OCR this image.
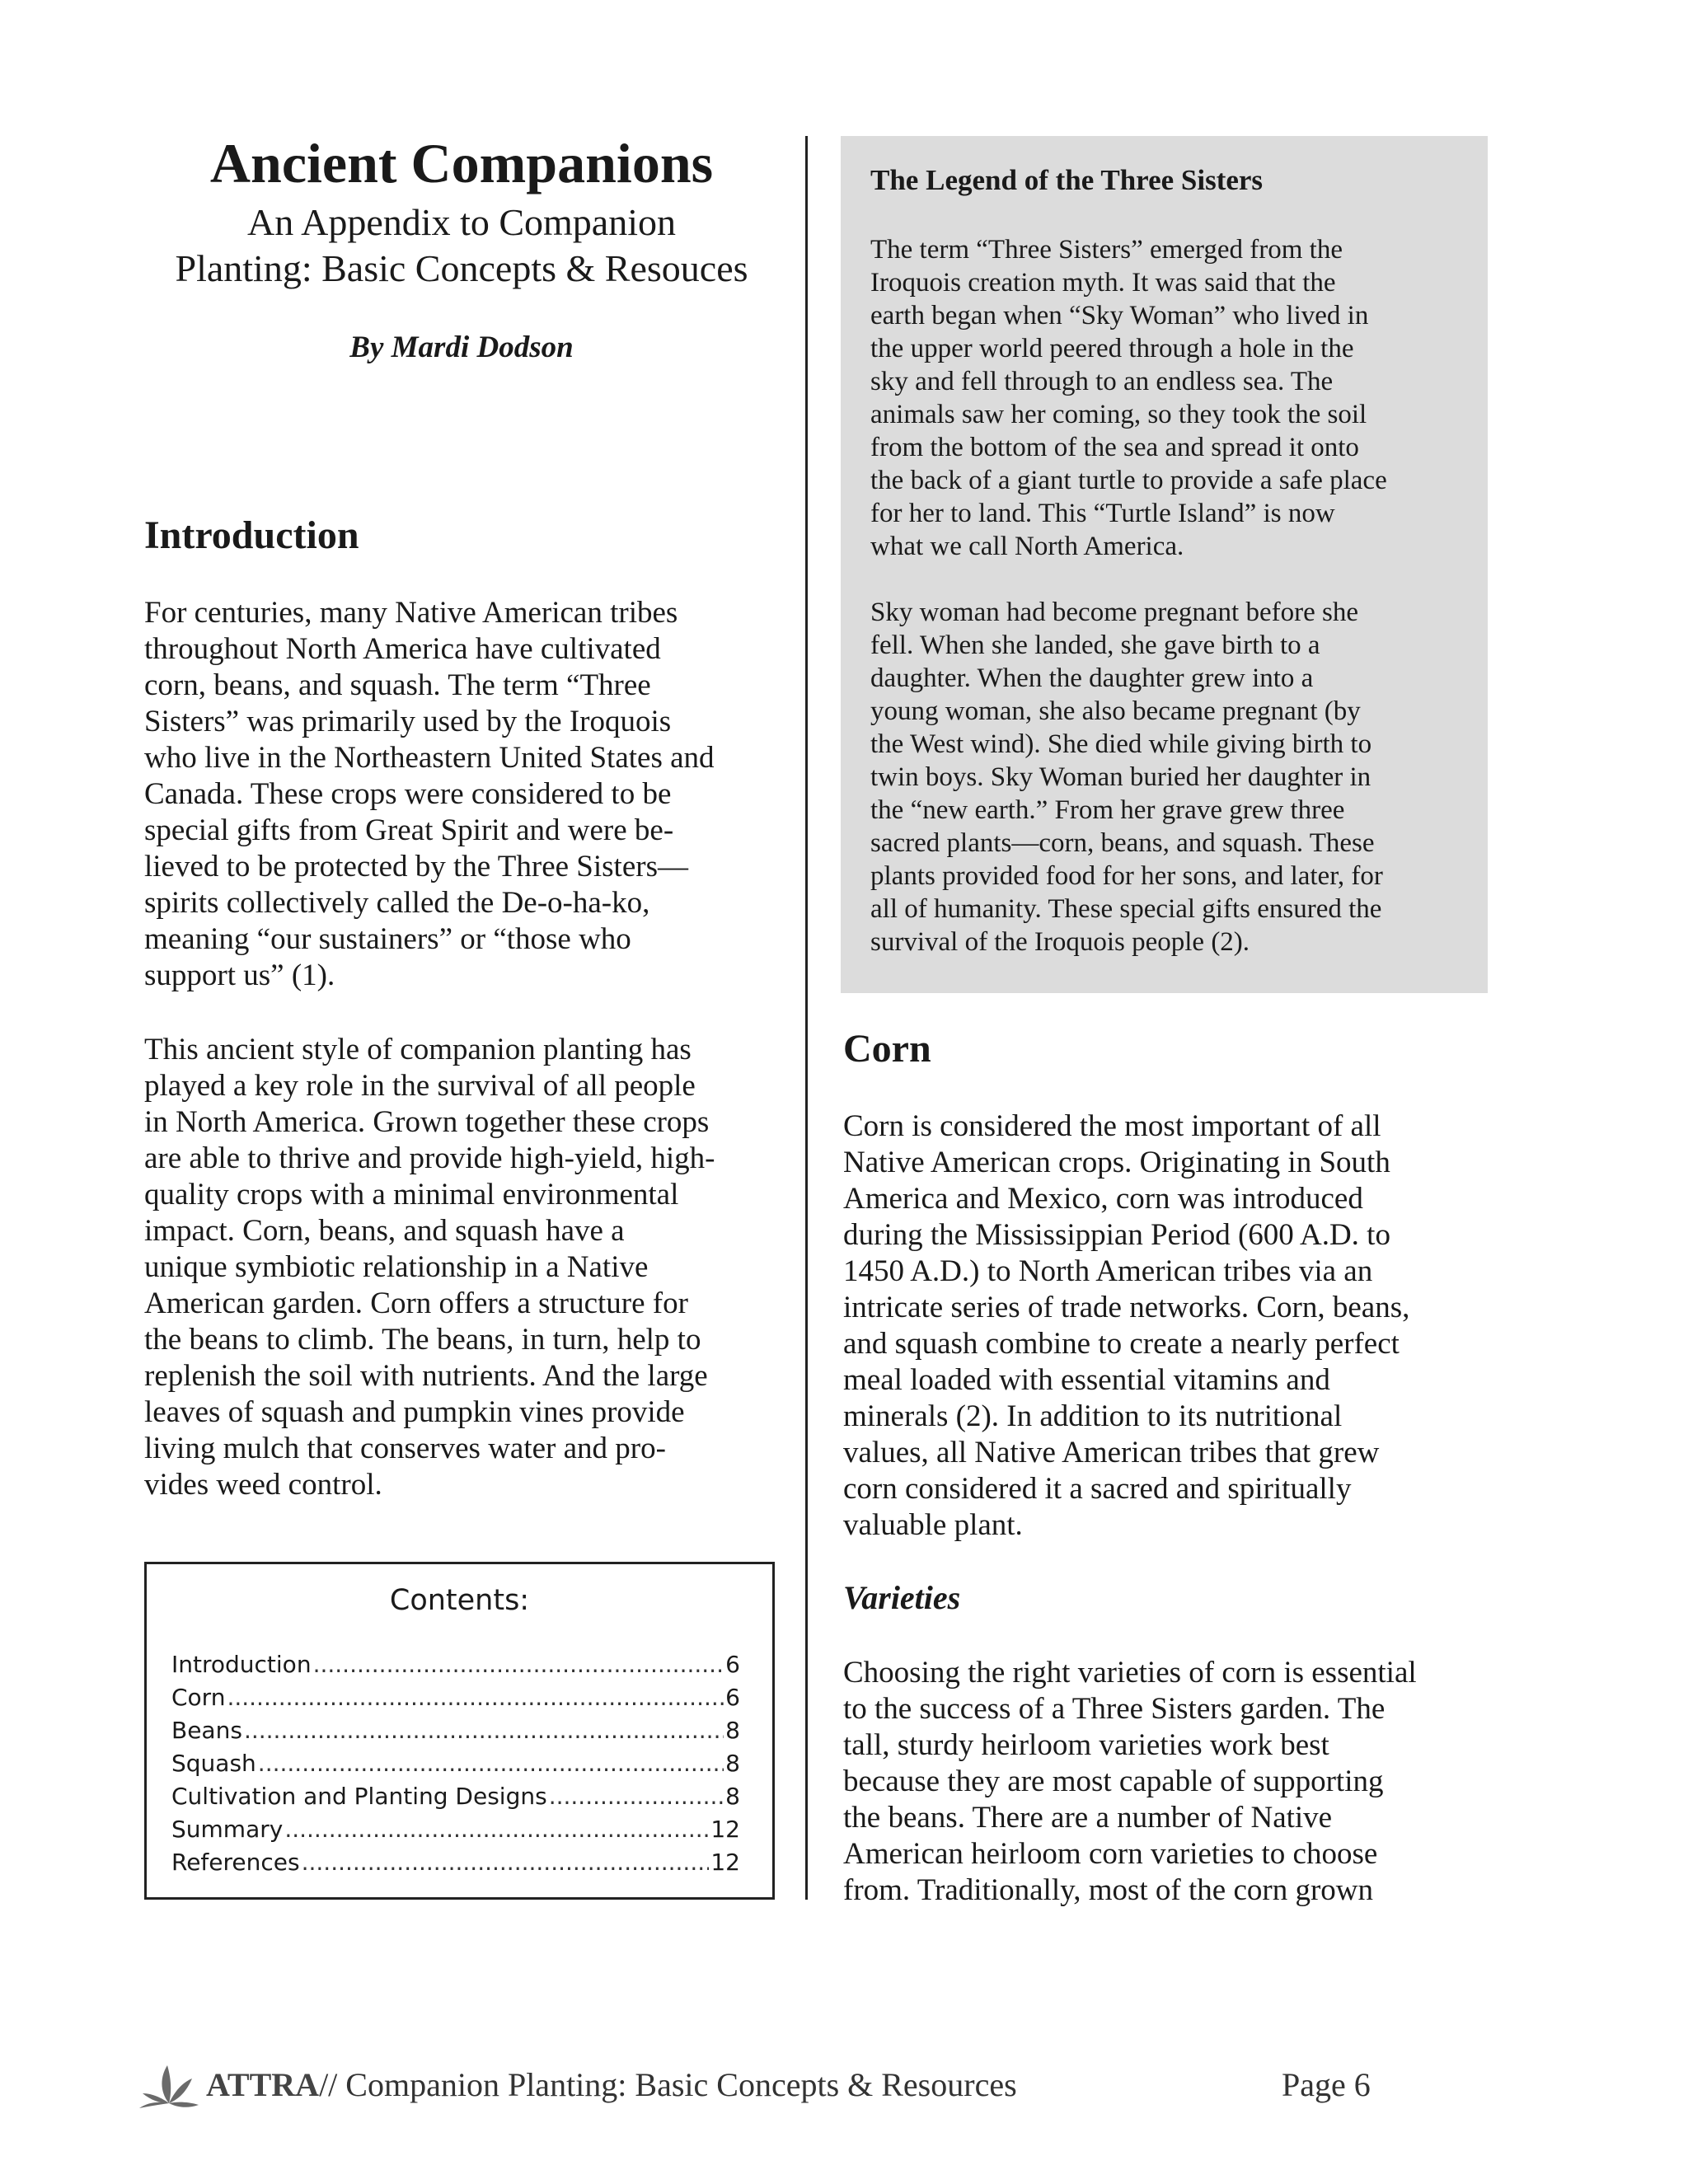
Ancient Companions
An Appendix to Companion
Planting: Basic Concepts & Resouces
By Mardi Dodson
Introduction

For centuries, many Native American tribes
throughout North America have cultivated
corn, beans, and squash. The term “Three
Sisters” was primarily used by the Iroquois
who live in the Northeastern United States and
Canada. These crops were considered to be
special gifts from Great Spirit and were be-
lieved to be protected by the Three Sisters—
spirits collectively called the De-o-ha-ko,
meaning “our sustainers” or “those who
support us” (1).

This ancient style of companion planting has
played a key role in the survival of all people
in North America. Grown together these crops
are able to thrive and provide high-yield, high-
quality crops with a minimal environmental
impact. Corn, beans, and squash have a
unique symbiotic relationship in a Native
American garden. Corn offers a structure for
the beans to climb. The beans, in turn, help to
replenish the soil with nutrients. And the large
leaves of squash and pumpkin vines provide
living mulch that conserves water and pro-
vides weed control.

Contents:
Introduction .....	6
Corn .....	6
Beans .....	8
Squash .....	8
Cultivation and Planting Designs .....	8
Summary .....	12
References .....	12
The Legend of the Three Sisters

The term “Three Sisters” emerged from the
Iroquois creation myth. It was said that the
earth began when “Sky Woman” who lived in
the upper world peered through a hole in the
sky and fell through to an endless sea. The
animals saw her coming, so they took the soil
from the bottom of the sea and spread it onto
the back of a giant turtle to provide a safe place
for her to land. This “Turtle Island” is now
what we call North America.

Sky woman had become pregnant before she
fell. When she landed, she gave birth to a
daughter. When the daughter grew into a
young woman, she also became pregnant (by
the West wind). She died while giving birth to
twin boys. Sky Woman buried her daughter in
the “new earth.” From her grave grew three
sacred plants—corn, beans, and squash. These
plants provided food for her sons, and later, for
all of humanity. These special gifts ensured the
survival of the Iroquois people (2).

Corn

Corn is considered the most important of all
Native American crops. Originating in South
America and Mexico, corn was introduced
during the Mississippian Period (600 A.D. to
1450 A.D.) to North American tribes via an
intricate series of trade networks. Corn, beans,
and squash combine to create a nearly perfect
meal loaded with essential vitamins and
minerals (2). In addition to its nutritional
values, all Native American tribes that grew
corn considered it a sacred and spiritually
valuable plant.

Varieties

Choosing the right varieties of corn is essential
to the success of a Three Sisters garden. The
tall, sturdy heirloom varieties work best
because they are most capable of supporting
the beans. There are a number of Native
American heirloom corn varieties to choose
from. Traditionally, most of the corn grown

ATTRA// Companion Planting: Basic Concepts & Resources	Page 6
